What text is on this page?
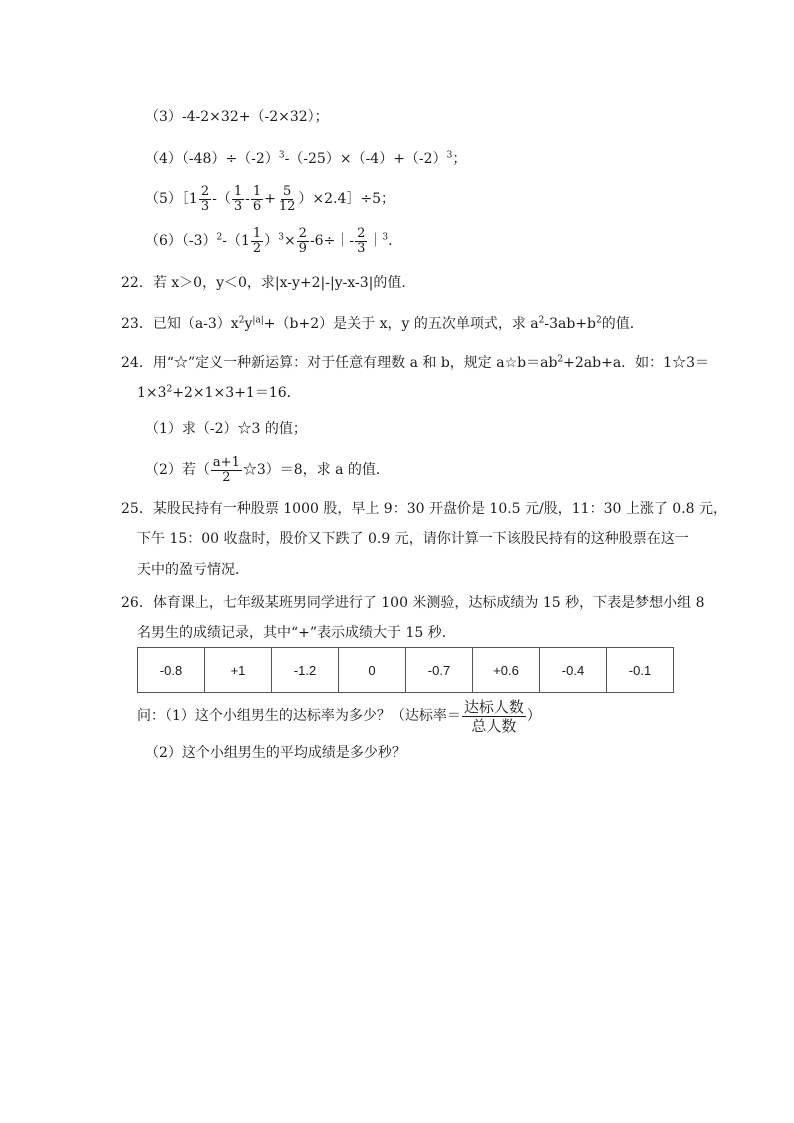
（3）-4-2×32+（-2×32）；
$(4)(-48)\div(-2)^3-(-25)\times(-4)+(-2)^3$；
（5）［1 $\frac{2}{3}$ -（ $\frac{1}{3} - \frac{1}{6} + \frac{5}{12}$ ）×2.4］÷5；
$(6)(-3)^2-(1 \frac{1}{2} )^3\times \frac{2}{9}$ -6÷｜- $\frac{2}{3}$ ｜$^3$.
22．若 x＞0，y＜0，求|x-y+2|-|y-x-3|的值．
23．已知$(a-3)x^2y^{|a|}+(b+2)$是关于 x，y 的五次单项式，求 $a^2-3ab+b^2$的值．
24．用“☆”定义一种新运算：对于任意有理数 a 和 b，规定 $a☆b=ab^2+2ab+a$．如：1☆3＝
$1\times 3^2+2\times 1\times 3+1=16$．
（1）求（-2）☆3 的值；
（2）若（ $\frac{a+1}{2}$ ☆3）＝8，求 a 的值．
25．某股民持有一种股票 1000 股，早上 9：30 开盘价是 10.5 元/股，11：30 上涨了 0.8 元，
下午 15：00 收盘时，股价又下跌了 0.9 元，请你计算一下该股民持有的这种股票在这一
天中的盈亏情况．
26．体育课上，七年级某班男同学进行了 100 米测验，达标成绩为 15 秒，下表是梦想小组 8
名男生的成绩记录，其中“+”表示成绩大于 15 秒．
-0.8	+1	-1.2	0	-0.7	+0.6	-0.4	-0.1
问：（1）这个小组男生的达标率为多少？（达标率＝ $\frac{\text{达标人数}}{\text{总人数}}$ ）
（2）这个小组男生的平均成绩是多少秒？
